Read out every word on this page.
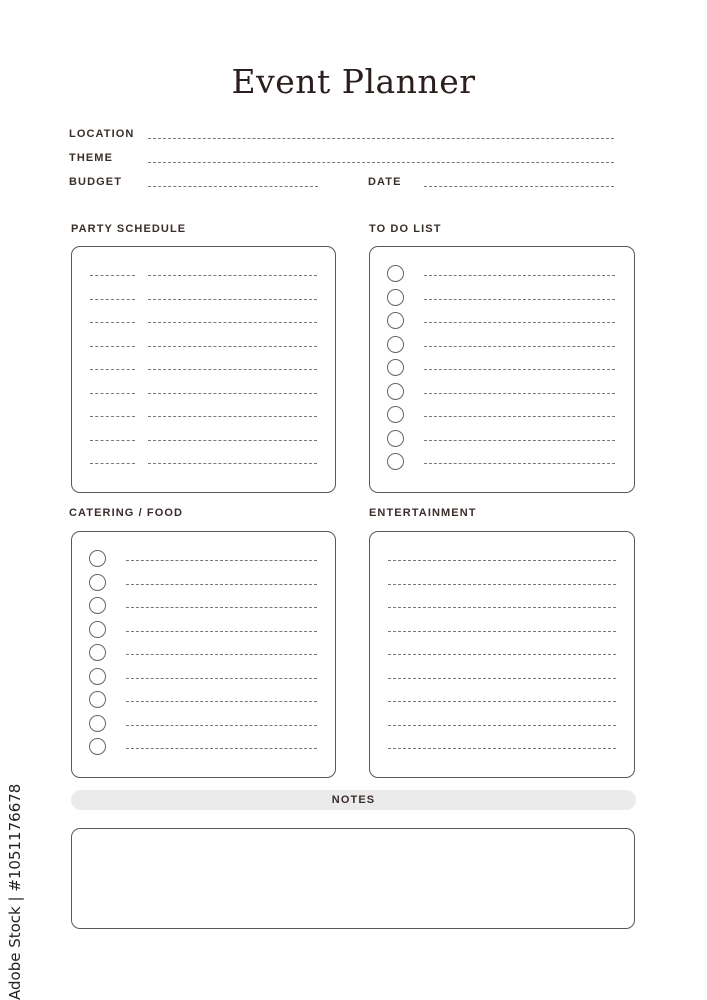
Event Planner
LOCATION
THEME
BUDGET	DATE
PARTY SCHEDULE	TO DO LIST
CATERING / FOOD	ENTERTAINMENT
NOTES
Adobe Stock | #1051176678
